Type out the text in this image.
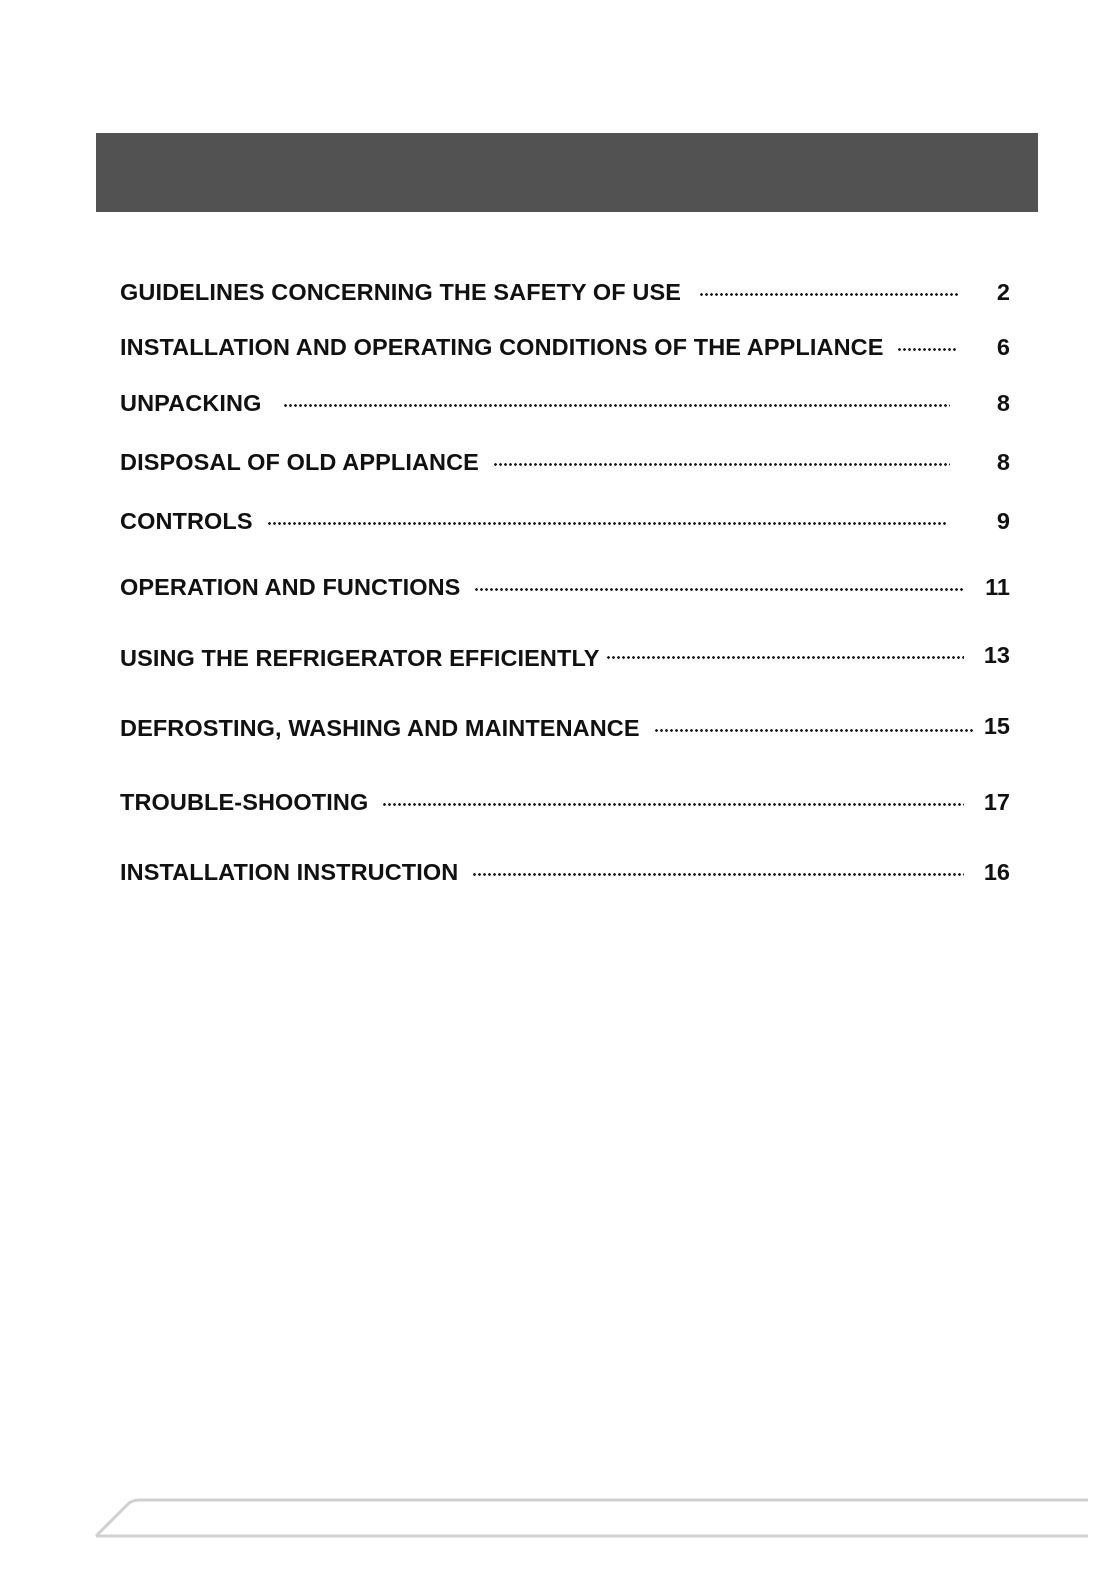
GUIDELINES CONCERNING THE SAFETY OF USE	2
INSTALLATION AND OPERATING CONDITIONS OF THE APPLIANCE	6
UNPACKING	8
DISPOSAL OF OLD APPLIANCE	8
CONTROLS	9
OPERATION AND FUNCTIONS	11
USING THE REFRIGERATOR EFFICIENTLY	13
DEFROSTING, WASHING AND MAINTENANCE	15
TROUBLE-SHOOTING	17
INSTALLATION INSTRUCTION	16
